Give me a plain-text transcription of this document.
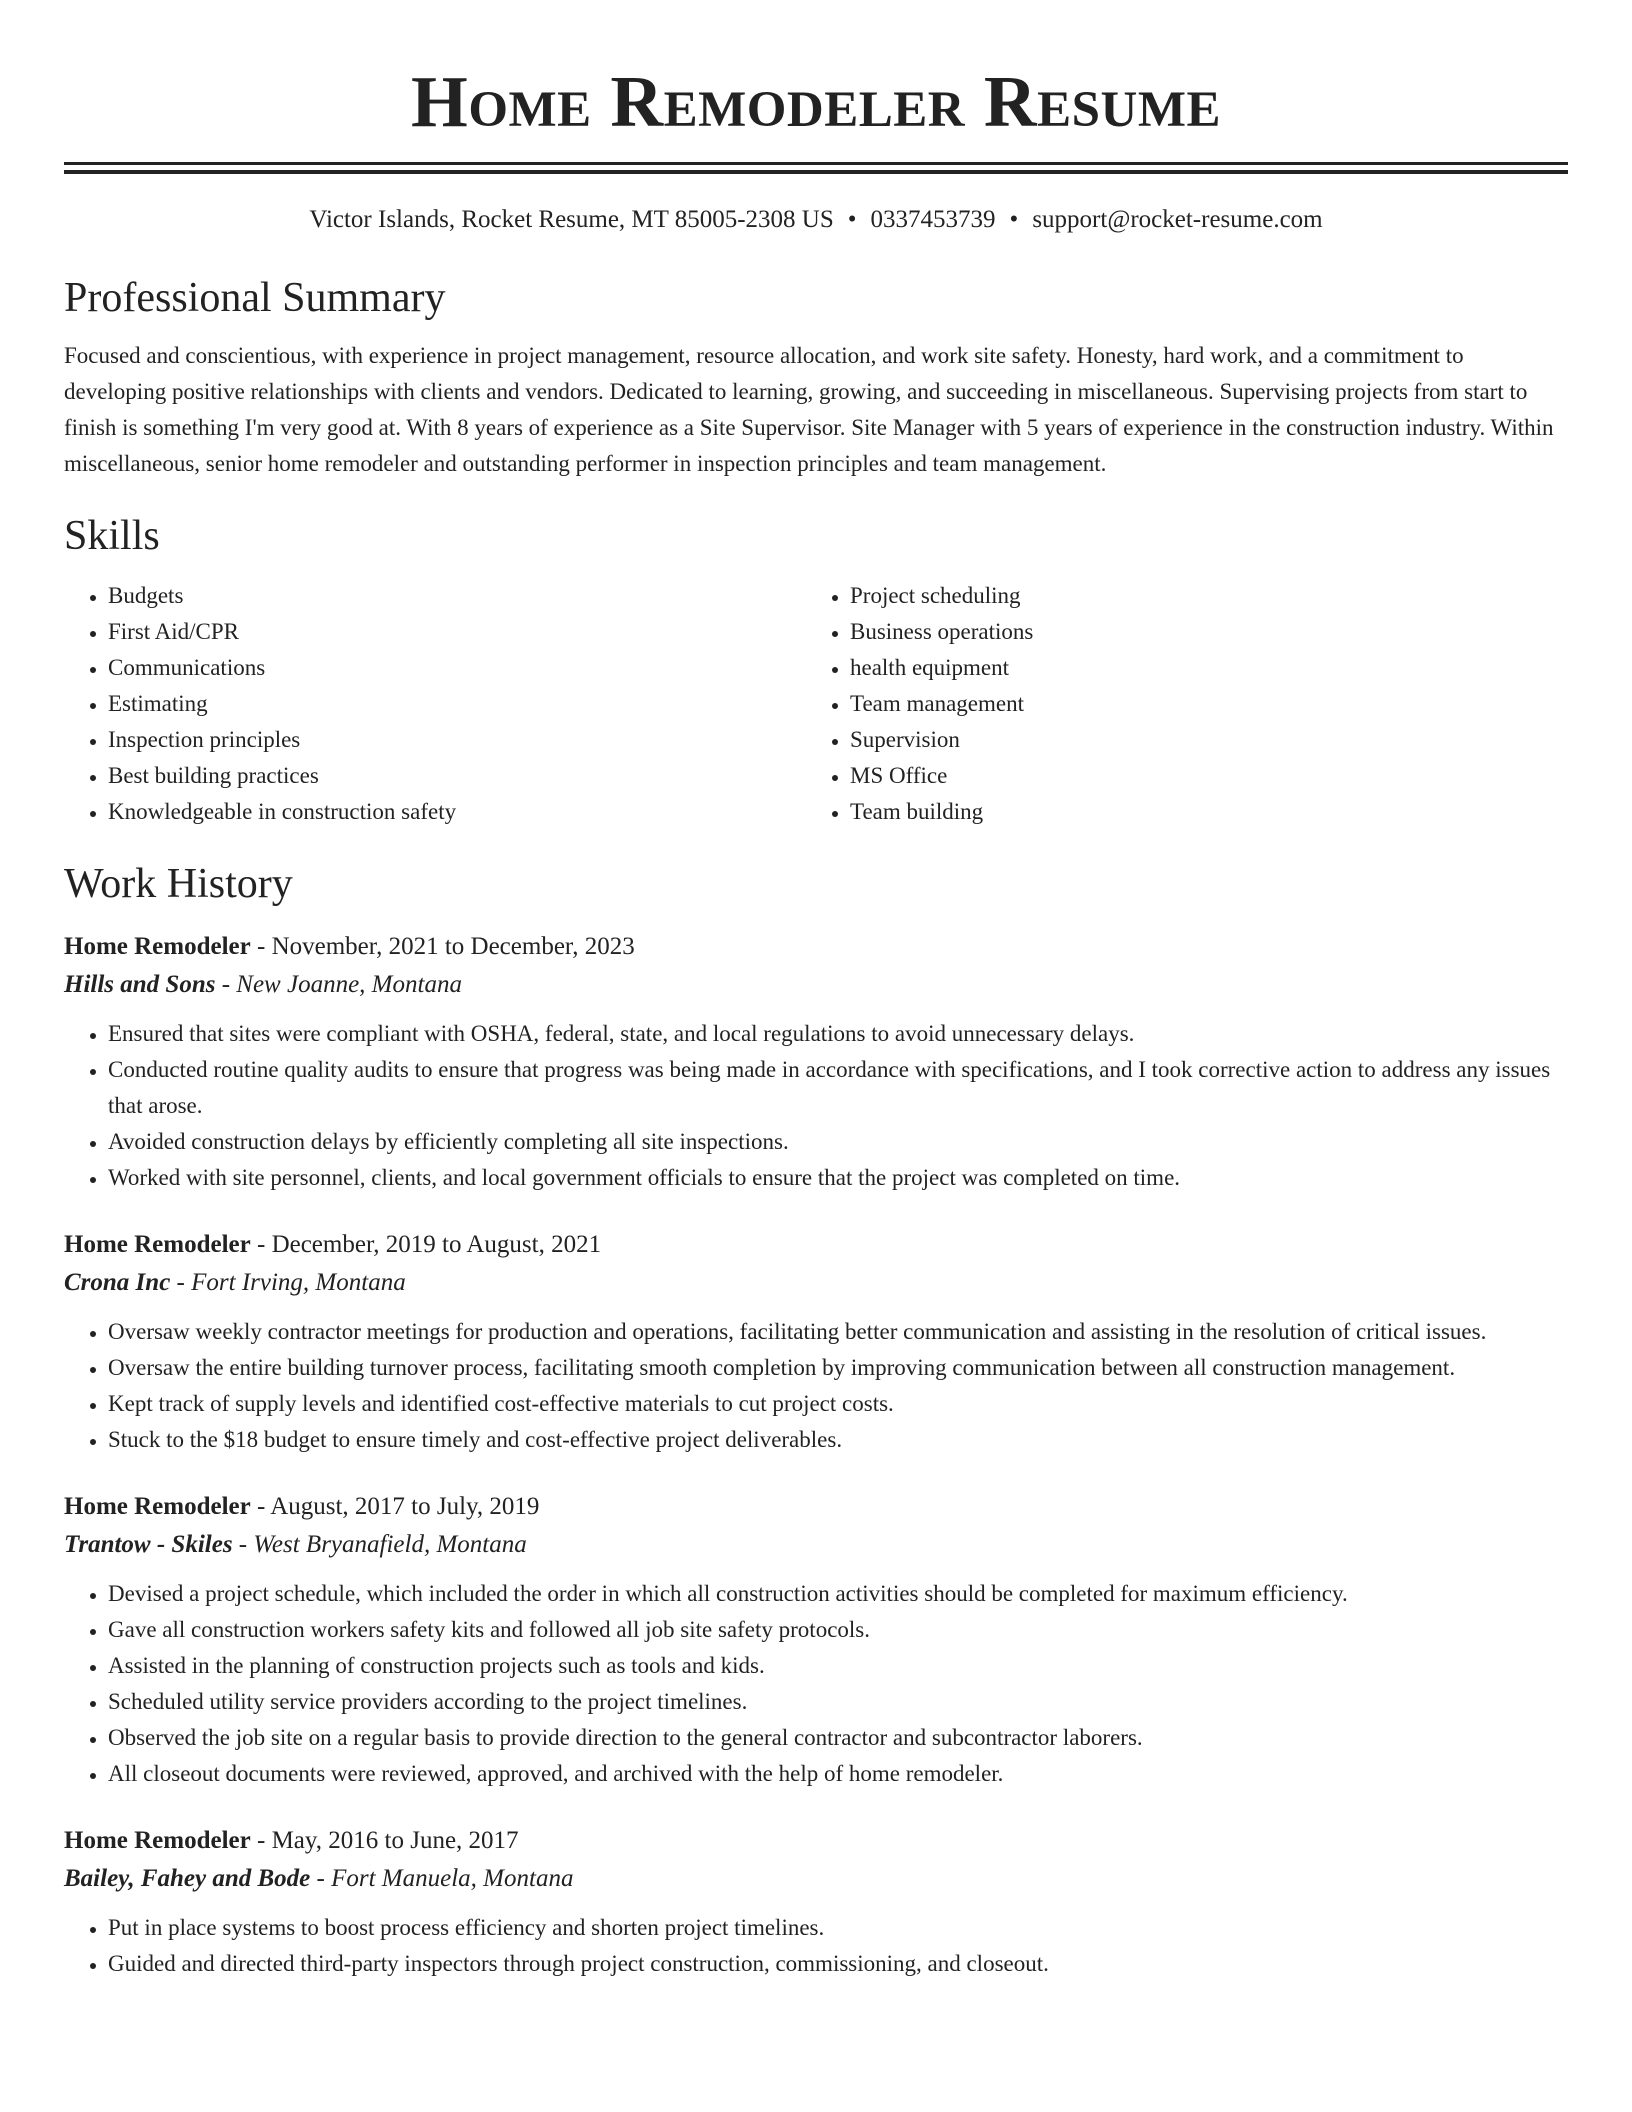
Home Remodeler Resume
Victor Islands, Rocket Resume, MT 85005-2308 US • 0337453739 • support@rocket-resume.com
Professional Summary

Focused and conscientious, with experience in project management, resource allocation, and work site safety. Honesty, hard work, and a commitment to developing positive relationships with clients and vendors. Dedicated to learning, growing, and succeeding in miscellaneous. Supervising projects from start to finish is something I'm very good at. With 8 years of experience as a Site Supervisor. Site Manager with 5 years of experience in the construction industry. Within miscellaneous, senior home remodeler and outstanding performer in inspection principles and team management.

Skills
• Budgets
• First Aid/CPR
• Communications
• Estimating
• Inspection principles
• Best building practices
• Knowledgeable in construction safety
• Project scheduling
• Business operations
• health equipment
• Team management
• Supervision
• MS Office
• Team building
Work History
Home Remodeler - November, 2021 to December, 2023
Hills and Sons - New Joanne, Montana
• Ensured that sites were compliant with OSHA, federal, state, and local regulations to avoid unnecessary delays.
• Conducted routine quality audits to ensure that progress was being made in accordance with specifications, and I took corrective action to address any issues that arose.
• Avoided construction delays by efficiently completing all site inspections.
• Worked with site personnel, clients, and local government officials to ensure that the project was completed on time.
Home Remodeler - December, 2019 to August, 2021
Crona Inc - Fort Irving, Montana
• Oversaw weekly contractor meetings for production and operations, facilitating better communication and assisting in the resolution of critical issues.
• Oversaw the entire building turnover process, facilitating smooth completion by improving communication between all construction management.
• Kept track of supply levels and identified cost-effective materials to cut project costs.
• Stuck to the $18 budget to ensure timely and cost-effective project deliverables.
Home Remodeler - August, 2017 to July, 2019
Trantow - Skiles - West Bryanafield, Montana
• Devised a project schedule, which included the order in which all construction activities should be completed for maximum efficiency.
• Gave all construction workers safety kits and followed all job site safety protocols.
• Assisted in the planning of construction projects such as tools and kids.
• Scheduled utility service providers according to the project timelines.
• Observed the job site on a regular basis to provide direction to the general contractor and subcontractor laborers.
• All closeout documents were reviewed, approved, and archived with the help of home remodeler.
Home Remodeler - May, 2016 to June, 2017
Bailey, Fahey and Bode - Fort Manuela, Montana
• Put in place systems to boost process efficiency and shorten project timelines.
• Guided and directed third-party inspectors through project construction, commissioning, and closeout.
